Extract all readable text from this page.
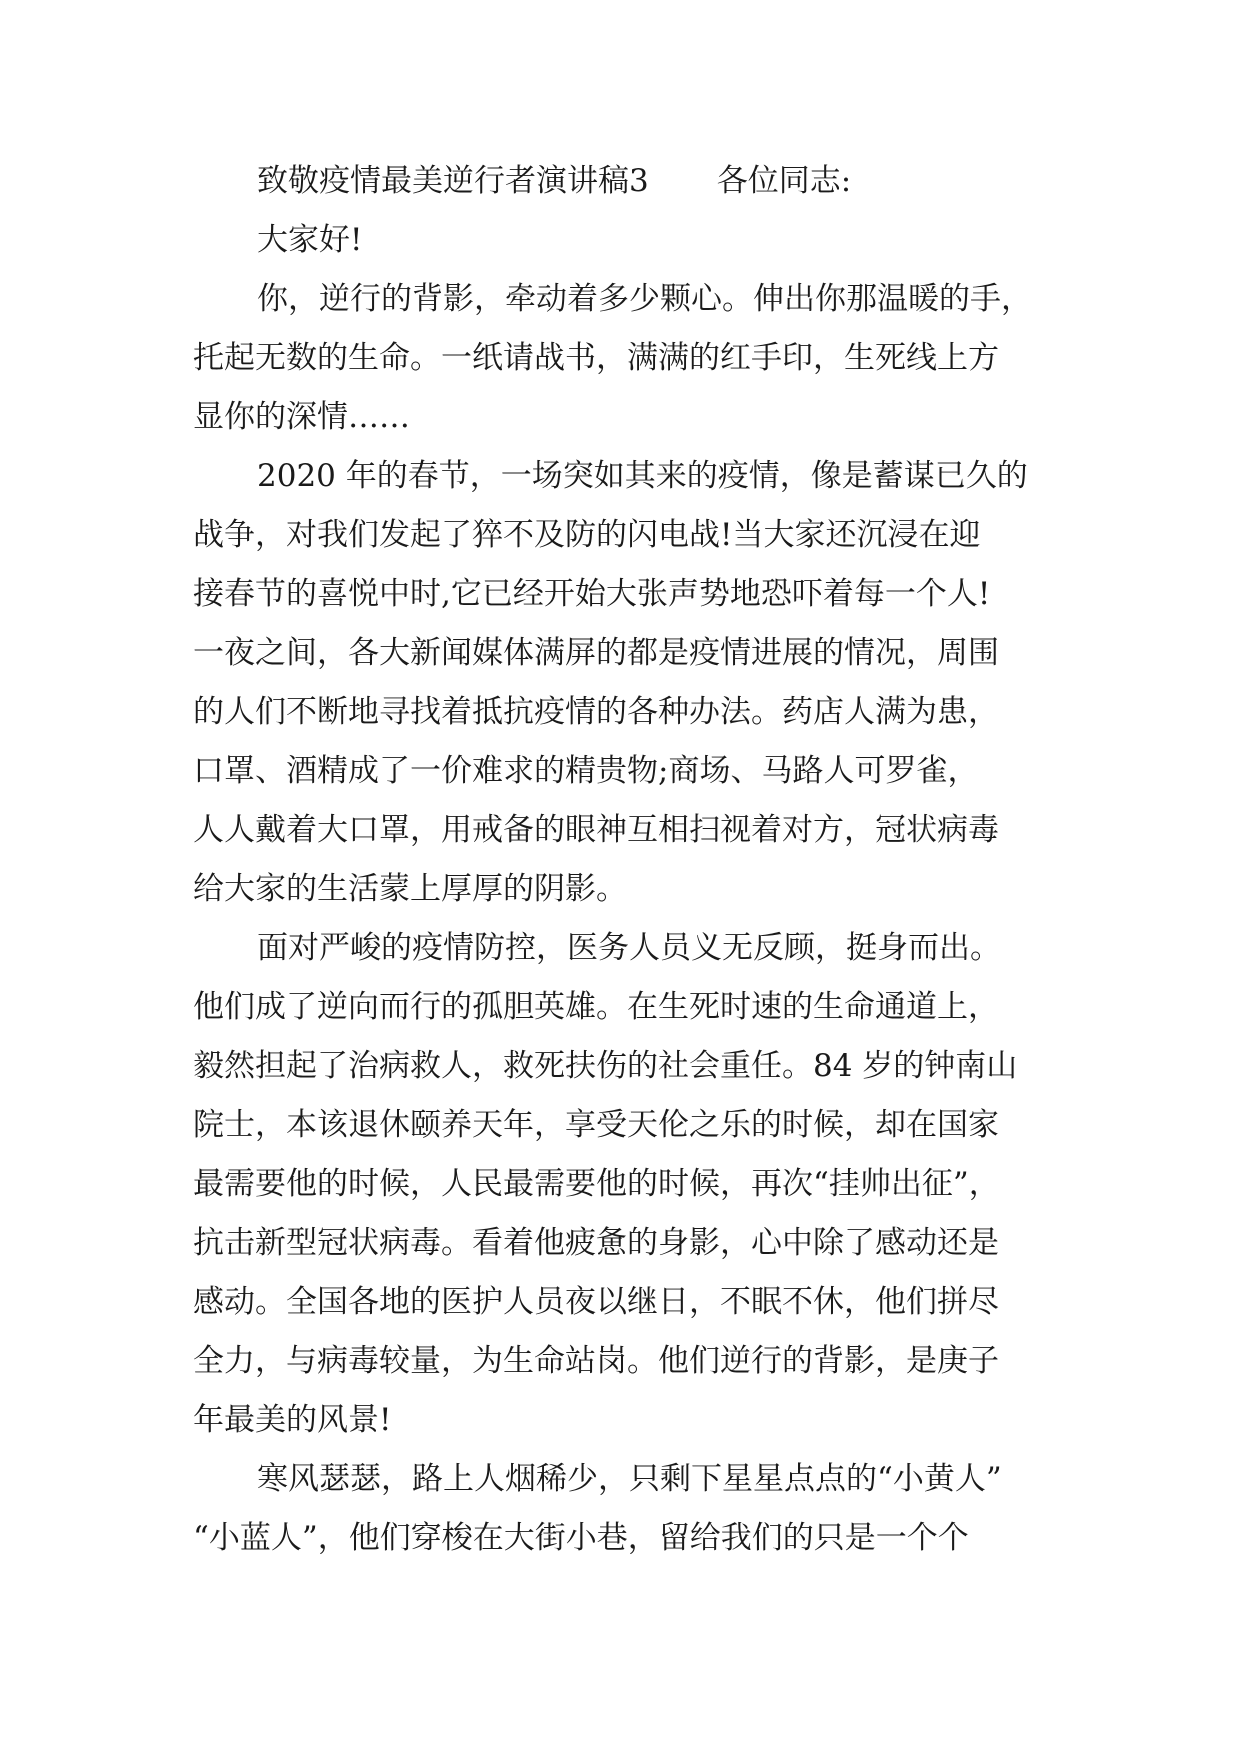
致敬疫情最美逆行者演讲稿3 各位同志:
大家好!
你，逆行的背影，牵动着多少颗心。伸出你那温暖的手，
托起无数的生命。一纸请战书，满满的红手印，生死线上方
显你的深情……
2020 年的春节，一场突如其来的疫情，像是蓄谋已久的
战争，对我们发起了猝不及防的闪电战!当大家还沉浸在迎
接春节的喜悦中时,它已经开始大张声势地恐吓着每一个人!
一夜之间，各大新闻媒体满屏的都是疫情进展的情况，周围
的人们不断地寻找着抵抗疫情的各种办法。药店人满为患，
口罩、酒精成了一价难求的精贵物;商场、马路人可罗雀，
人人戴着大口罩，用戒备的眼神互相扫视着对方，冠状病毒
给大家的生活蒙上厚厚的阴影。
面对严峻的疫情防控，医务人员义无反顾，挺身而出。
他们成了逆向而行的孤胆英雄。在生死时速的生命通道上，
毅然担起了治病救人，救死扶伤的社会重任。84 岁的钟南山
院士，本该退休颐养天年，享受天伦之乐的时候，却在国家
最需要他的时候，人民最需要他的时候，再次“挂帅出征”，
抗击新型冠状病毒。看着他疲惫的身影，心中除了感动还是
感动。全国各地的医护人员夜以继日，不眠不休，他们拼尽
全力，与病毒较量，为生命站岗。他们逆行的背影，是庚子
年最美的风景!
寒风瑟瑟，路上人烟稀少，只剩下星星点点的“小黄人”
“小蓝人”，他们穿梭在大街小巷，留给我们的只是一个个
